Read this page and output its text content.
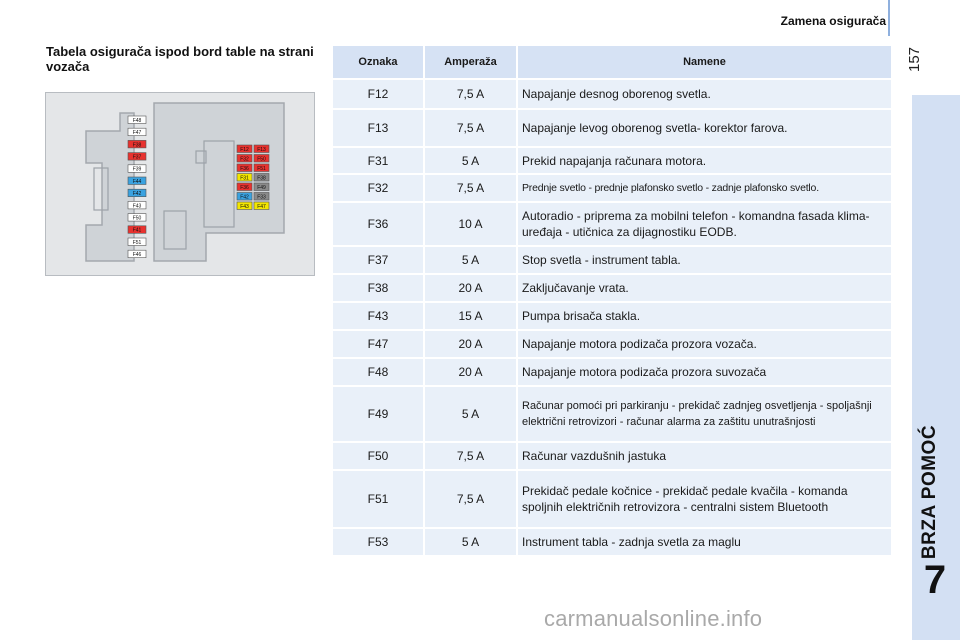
Zamena osigurača
157
BRZA POMOĆ
7
Tabela osigurača ispod bord table na strani vozača
F48
F47
F38
F37
F39
F44
F42
F43
F50
F41
F51
F46
F12 F13
F32 F50
F36 F51
F31 F38
F36 F49
F42 F33
F43 F47
Oznaka	Amperaža	Namene
F12	7,5 A	Napajanje desnog oborenog svetla.
F13	7,5 A	Napajanje levog oborenog svetla- korektor farova.
F31	5 A	Prekid napajanja računara motora.
F32	7,5 A	Prednje svetlo - prednje plafonsko svetlo - zadnje plafonsko svetlo.
F36	10 A	Autoradio - priprema za mobilni telefon - komandna fasada klima-uređaja - utičnica za dijagnostiku EODB.
F37	5 A	Stop svetla - instrument tabla.
F38	20 A	Zaključavanje vrata.
F43	15 A	Pumpa brisača stakla.
F47	20 A	Napajanje motora podizača prozora vozača.
F48	20 A	Napajanje motora podizača prozora suvozača
F49	5 A	Računar pomoći pri parkiranju - prekidač zadnjeg osvetljenja - spoljašnji električni retrovizori - računar alarma za zaštitu unutrašnjosti
F50	7,5 A	Računar vazdušnih jastuka
F51	7,5 A	Prekidač pedale kočnice - prekidač pedale kvačila - komanda spoljnih električnih retrovizora - centralni sistem Bluetooth
F53	5 A	Instrument tabla - zadnja svetla za maglu
carmanualsonline.info
